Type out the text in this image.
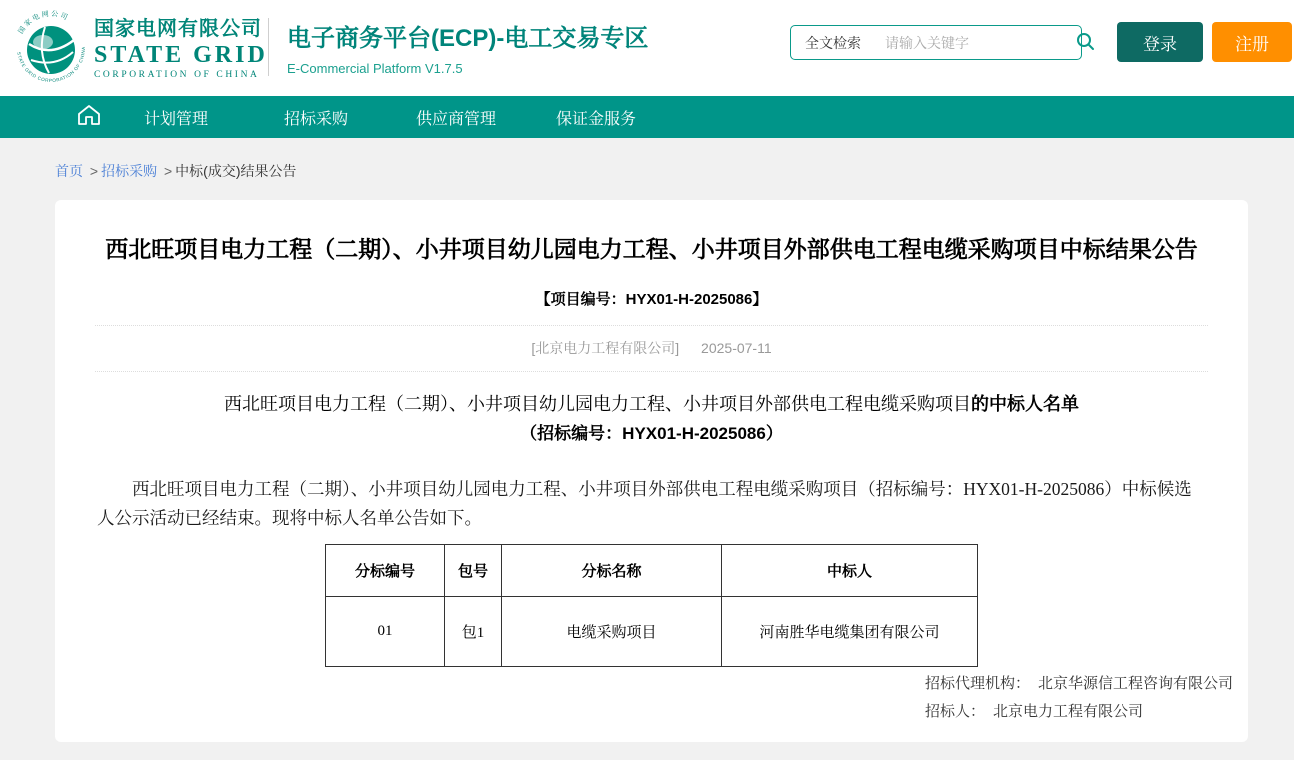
国家电网公司
STATE GRID CORPORATION OF CHINA
国家电网有限公司
STATE GRID
CORPORATION OF CHINA
电子商务平台(ECP)-电工交易专区
E-Commercial Platform V1.7.5
全文检索
请输入关键字	登录	注册
计划管理	招标采购	供应商管理	保证金服务
首页 > 招标采购 > 中标(成交)结果公告
西北旺项目电力工程（二期）、小井项目幼儿园电力工程、小井项目外部供电工程电缆采购项目中标结果公告
【项目编号：HYX01-H-2025086】
[北京电力工程有限公司] 2025-07-11
西北旺项目电力工程（二期）、小井项目幼儿园电力工程、小井项目外部供电工程电缆采购项目的中标人名单
（招标编号：HYX01-H-2025086）

西北旺项目电力工程（二期）、小井项目幼儿园电力工程、小井项目外部供电工程电缆采购项目（招标编号：HYX01-H-2025086）中标候选人公示活动已经结束。现将中标人名单公告如下。

分标编号	包号	分标名称	中标人
01	包1	电缆采购项目	河南胜华电缆集团有限公司
招标代理机构： 北京华源信工程咨询有限公司
招标人： 北京电力工程有限公司
